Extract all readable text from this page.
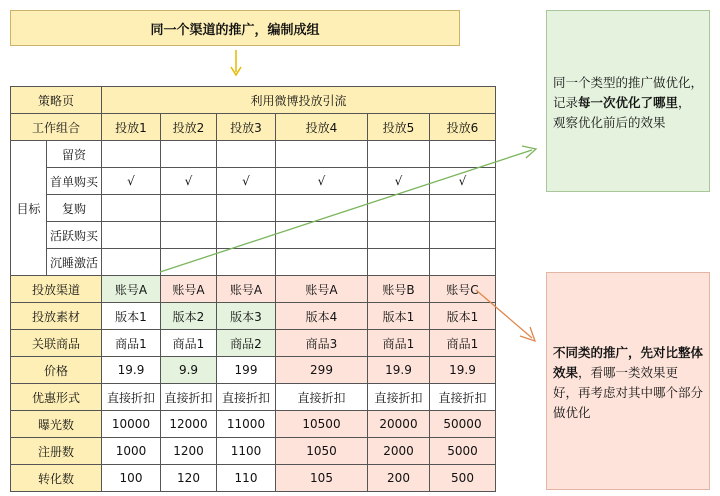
同一个渠道的推广，编制成组
同一个类型的推广做优化，记录每一次优化了哪里，观察优化前后的效果
不同类的推广，先对比整体效果，看哪一类效果更好，再考虑对其中哪个部分做优化
策略页		利用微博投放引流					
工作组合		投放1	投放2	投放3	投放4	投放5	投放6
目标	留资						
	首单购买	√	√	√	√	√	√
	复购						
	活跃购买						
	沉睡激活						
投放渠道		账号A	账号A	账号A	账号A	账号B	账号C
投放素材		版本1	版本2	版本3	版本4	版本1	版本1
关联商品		商品1	商品1	商品2	商品3	商品1	商品1
价格		19.9	9.9	199	299	19.9	19.9
优惠形式		直接折扣	直接折扣	直接折扣	直接折扣	直接折扣	直接折扣
曝光数		10000	12000	11000	10500	20000	50000
注册数		1000	1200	1100	1050	2000	5000
转化数		100	120	110	105	200	500
